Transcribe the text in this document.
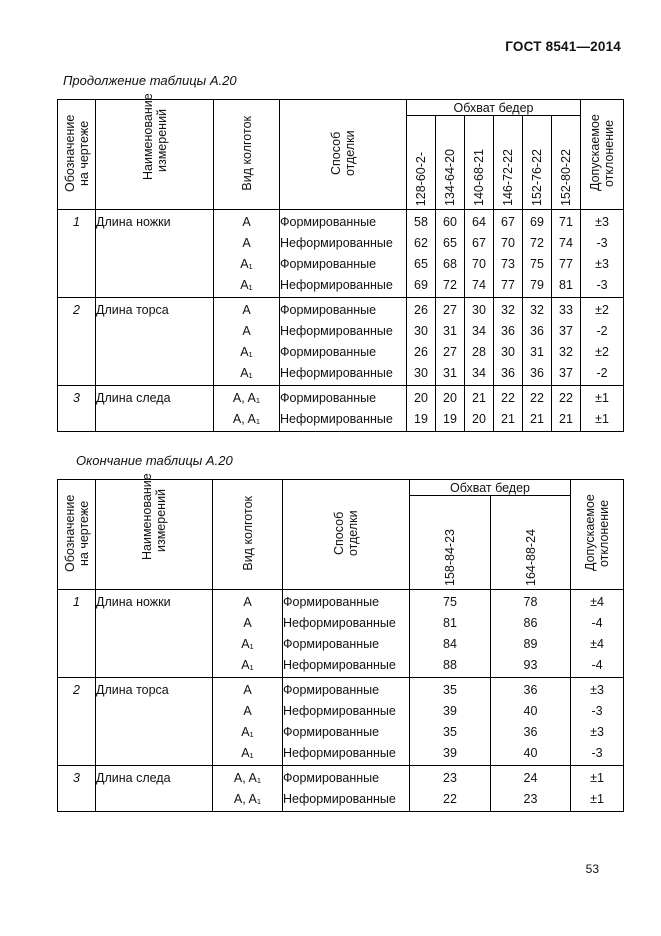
ГОСТ 8541—2014
Продолжение таблицы А.20
Обозначение на чертеже	Наименование измерений	Вид колготок	Способ отделки	Обхват бедер						Допускаемое отклонение
				128-60-2-	134-64-20	140-68-21	146-72-22	152-76-22	152-80-22	
1	Длина ножки	A	Формированные	58	60	64	67	69	71	±3
		A	Неформированные	62	65	67	70	72	74	-3
		A₁	Формированные	65	68	70	73	75	77	±3
		A₁	Неформированные	69	72	74	77	79	81	-3
2	Длина торса	A	Формированные	26	27	30	32	32	33	±2
		A	Неформированные	30	31	34	36	36	37	-2
		A₁	Формированные	26	27	28	30	31	32	±2
		A₁	Неформированные	30	31	34	36	36	37	-2
3	Длина следа	A, A₁	Формированные	20	20	21	22	22	22	±1
		A, A₁	Неформированные	19	19	20	21	21	21	±1
Окончание таблицы А.20
Обозначение на чертеже	Наименование измерений	Вид колготок	Способ отделки	Обхват бедер		Допускаемое отклонение
				158-84-23	164-88-24	
1	Длина ножки	A	Формированные	75	78	±4
		A	Неформированные	81	86	-4
		A₁	Формированные	84	89	±4
		A₁	Неформированные	88	93	-4
2	Длина торса	A	Формированные	35	36	±3
		A	Неформированные	39	40	-3
		A₁	Формированные	35	36	±3
		A₁	Неформированные	39	40	-3
3	Длина следа	A, A₁	Формированные	23	24	±1
		A, A₁	Неформированные	22	23	±1
53
